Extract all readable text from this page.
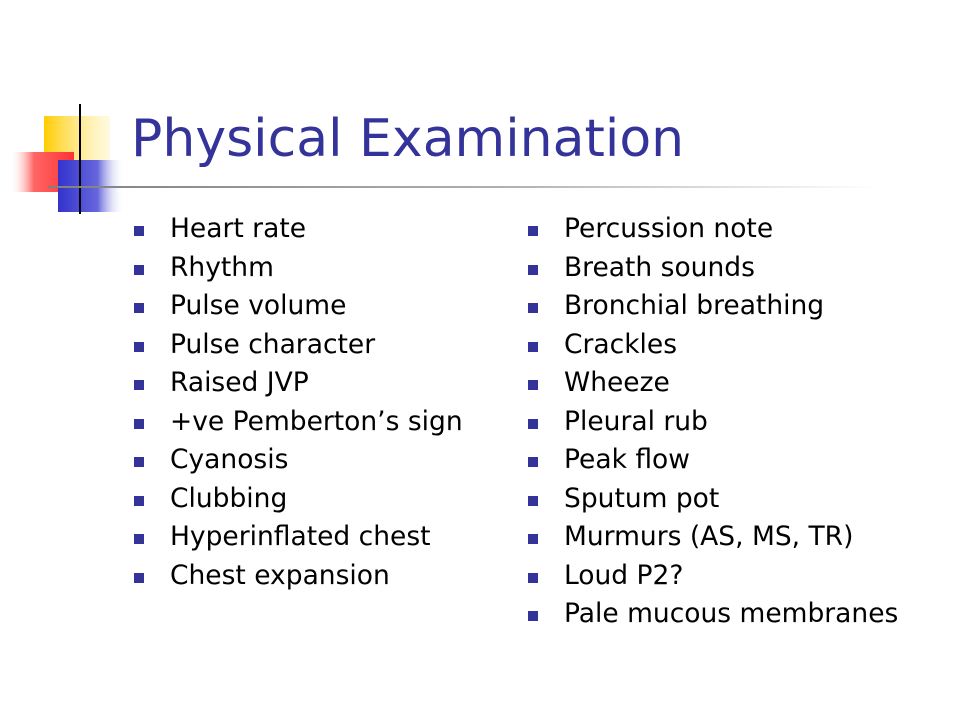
Physical Examination
Heart rate
Rhythm
Pulse volume
Pulse character
Raised JVP
+ve Pemberton’s sign
Cyanosis
Clubbing
Hyperinflated chest
Chest expansion
Percussion note
Breath sounds
Bronchial breathing
Crackles
Wheeze
Pleural rub
Peak flow
Sputum pot
Murmurs (AS, MS, TR)
Loud P2?
Pale mucous membranes
